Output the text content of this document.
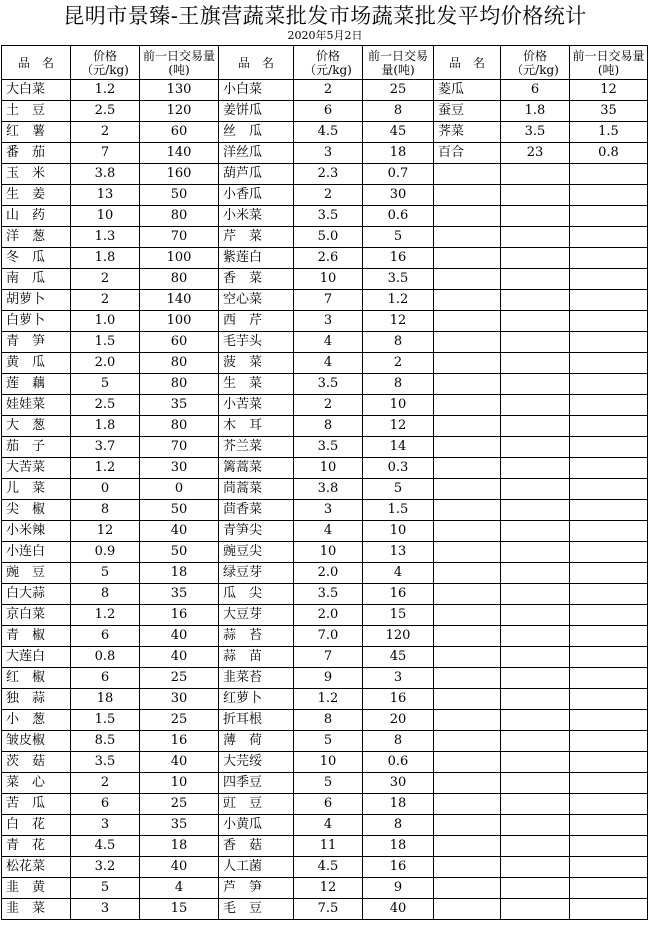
昆明市景臻-王旗营蔬菜批发市场蔬菜批发平均价格统计
2020年5月2日
品　名	价格（元/kg)	前一日交易量(吨)	品　名	价格（元/kg)	前一日交易量(吨)	品　名	价格（元/kg)	前一日交易量(吨)
大白菜	1.2	130	小白菜	2	25	菱瓜	6	12
土　豆	2.5	120	姜饼瓜	6	8	蚕豆	1.8	35
红　薯	2	60	丝　瓜	4.5	45	荠菜	3.5	1.5
番　茄	7	140	洋丝瓜	3	18	百合	23	0.8
玉　米	3.8	160	葫芦瓜	2.3	0.7			
生　姜	13	50	小香瓜	2	30			
山　药	10	80	小米菜	3.5	0.6			
洋　葱	1.3	70	芹　菜	5.0	5			
冬　瓜	1.8	100	紫莲白	2.6	16			
南　瓜	2	80	香　菜	10	3.5			
胡萝卜	2	140	空心菜	7	1.2			
白萝卜	1.0	100	西　芹	3	12			
青　笋	1.5	60	毛芋头	4	8			
黄　瓜	2.0	80	菠　菜	4	2			
莲　藕	5	80	生　菜	3.5	8			
娃娃菜	2.5	35	小苦菜	2	10			
大　葱	1.8	80	木　耳	8	12			
茄　子	3.7	70	芥兰菜	3.5	14			
大苦菜	1.2	30	篱蒿菜	10	0.3			
儿　菜	0	0	茼蒿菜	3.8	5			
尖　椒	8	50	茴香菜	3	1.5			
小米辣	12	40	青笋尖	4	10			
小连白	0.9	50	豌豆尖	10	13			
豌　豆	5	18	绿豆芽	2.0	4			
白大蒜	8	35	瓜　尖	3.5	16			
京白菜	1.2	16	大豆芽	2.0	15			
青　椒	6	40	蒜　苔	7.0	120			
大莲白	0.8	40	蒜　苗	7	45			
红　椒	6	25	韭菜苔	9	3			
独　蒜	18	30	红萝卜	1.2	16			
小　葱	1.5	25	折耳根	8	20			
皱皮椒	8.5	16	薄　荷	5	8			
茨　菇	3.5	40	大芫绥	10	0.6			
菜　心	2	10	四季豆	5	30			
苦　瓜	6	25	豇　豆	6	18			
白　花	3	35	小黄瓜	4	8			
青　花	4.5	18	香　菇	11	18			
松花菜	3.2	40	人工菌	4.5	16			
韭　黄	5	4	芦　笋	12	9			
韭　菜	3	15	毛　豆	7.5	40			
